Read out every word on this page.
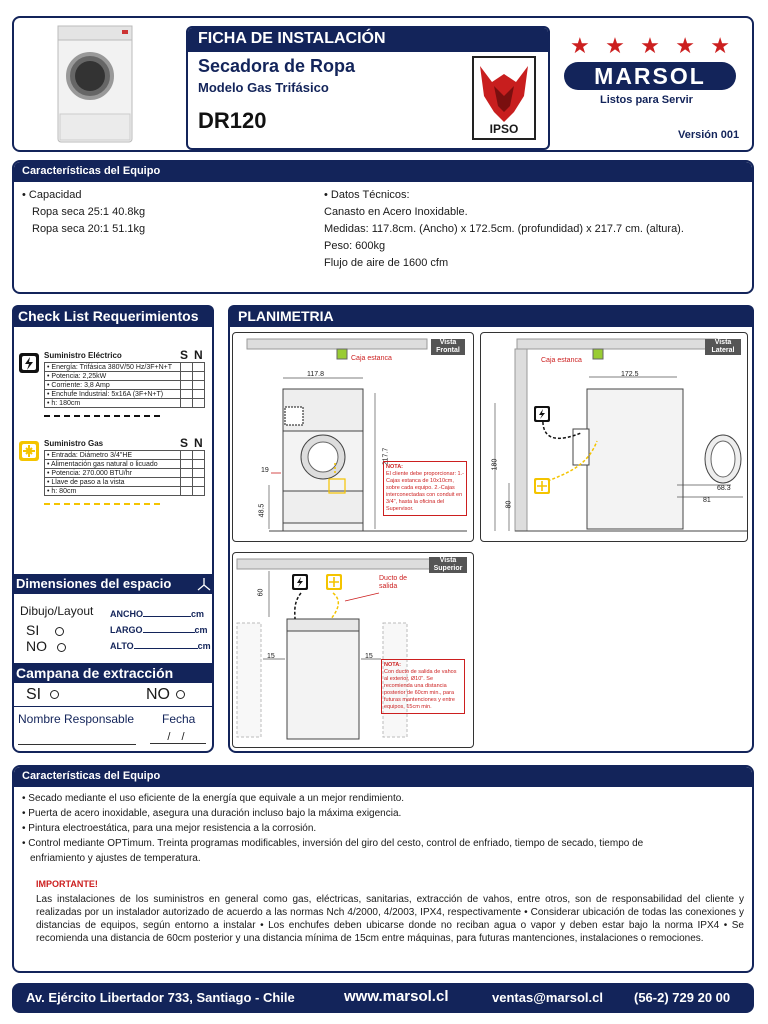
FICHA DE INSTALACIÓN
Secadora de Ropa
Modelo Gas Trifásico
DR120	IPSO
★ ★ ★ ★ ★
MARSOL
Listos para Servir
Versión 001
Características del Equipo
• Capacidad
Ropa seca 25:1 40.8kg
Ropa seca 20:1 51.1kg
• Datos Técnicos:
Canasto en Acero Inoxidable.
Medidas: 117.8cm. (Ancho) x 172.5cm. (profundidad) x 217.7 cm. (altura).
Peso: 600kg
Flujo de aire de 1600 cfm
Check List Requerimientos
Suministro Eléctrico	S N
• Energía: Trifásica 380V/50 Hz/3F+N+T		
• Potencia: 2,25kW		
• Corriente: 3,8 Amp		
• Enchufe Industrial: 5x16A (3F+N+T)		
• h: 180cm		
Suministro Gas	S N
• Entrada: Diámetro 3/4"HE		
• Alimentación gas natural o licuado		
• Potencia: 270.000 BTU/hr		
• Llave de paso a la vista		
• h: 80cm		
Dimensiones del espacio
Dibujo/Layout
SI
NO
ANCHO	cm
LARGO	cm
ALTO	cm
Campana de extracción
SI	NO
Nombre Responsable Fecha
/ /
PLANIMETRIA
Vista Frontal
Caja estanca
117.8
217.7
19
48.5
NOTA:
El cliente debe proporcionar: 1.- Cajas estanca de 10x10cm, sobre cada equipo. 2.-Cajas interconectadas con conduit en 3/4", hasta la oficina del Supervisor.
Vista Lateral
Caja estanca
172.5
180
80
68.3
81
Vista Superior
Ducto de salida
60
15	15
NOTA:
Con ducto de salida de vahos al exterior, Ø10". Se recomienda una distancia posterior de 60cm min., para futuras mantenciones y entre equipos, 15cm min.
Características del Equipo
• Secado mediante el uso eficiente de la energía que equivale a un mejor rendimiento.
• Puerta de acero inoxidable, asegura una duración incluso bajo la máxima exigencia.
• Pintura electroestática, para una mejor resistencia a la corrosión.
• Control mediante OPTimum. Treinta programas modificables, inversión del giro del cesto, control de enfriado, tiempo de secado, tiempo de
enfriamiento y ajustes de temperatura.
IMPORTANTE!
Las instalaciones de los suministros en general como gas, eléctricas, sanitarias, extracción de vahos, entre otros, son de responsabilidad del cliente y realizadas por un instalador autorizado de acuerdo a las normas Nch 4/2000, 4/2003, IPX4, respectivamente • Considerar ubicación de todas las conexiones y distancias de equipos, según entorno a instalar • Los enchufes deben ubicarse donde no reciban agua o vapor y deben estar bajo la norma IPX4 • Se recomienda una distancia de 60cm posterior y una distancia mínima de 15cm entre máquinas, para futuras mantenciones, instalaciones o remociones.
Av. Ejército Libertador 733, Santiago - Chile	www.marsol.cl	ventas@marsol.cl (56-2) 729 20 00
